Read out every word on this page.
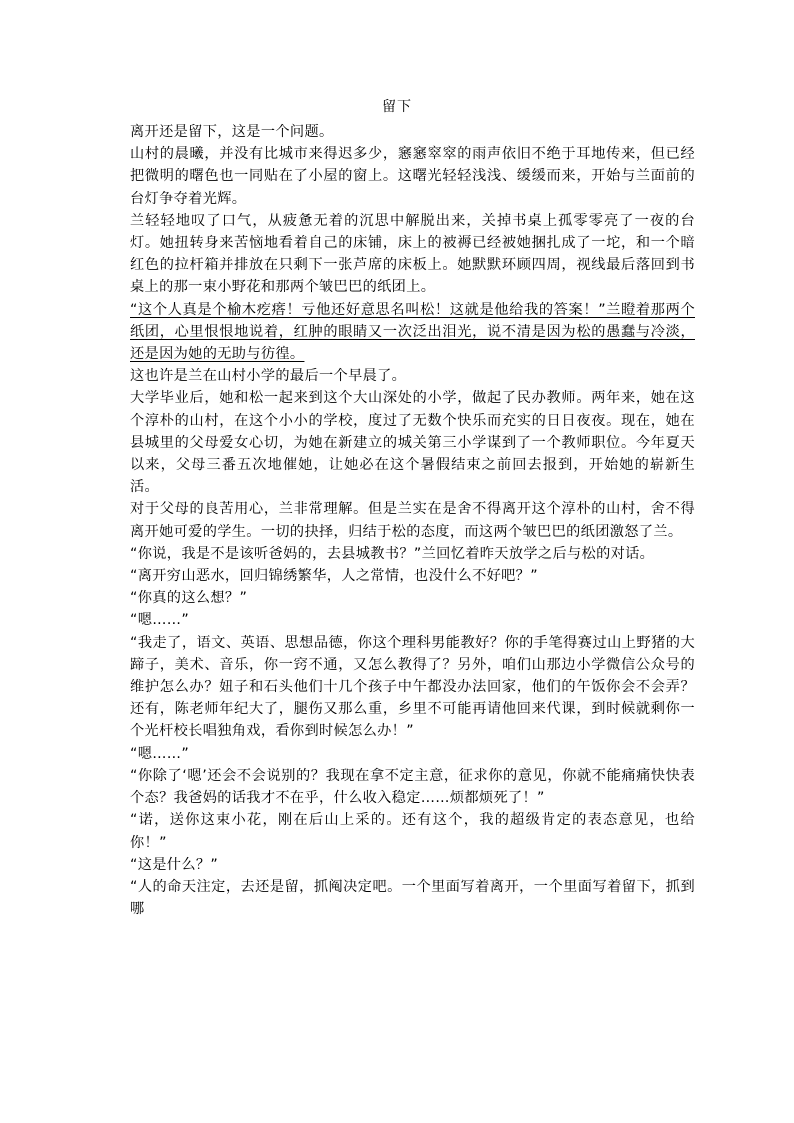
留下

离开还是留下，这是一个问题。

山村的晨曦，并没有比城市来得迟多少，窸窸窣窣的雨声依旧不绝于耳地传来，但已经把微明的曙色也一同贴在了小屋的窗上。这曙光轻轻浅浅、缓缓而来，开始与兰面前的台灯争夺着光辉。

兰轻轻地叹了口气，从疲惫无着的沉思中解脱出来，关掉书桌上孤零零亮了一夜的台灯。她扭转身来苦恼地看着自己的床铺，床上的被褥已经被她捆扎成了一坨，和一个暗红色的拉杆箱并排放在只剩下一张芦席的床板上。她默默环顾四周，视线最后落回到书桌上的那一束小野花和那两个皱巴巴的纸团上。

“这个人真是个榆木疙瘩！亏他还好意思名叫松！这就是他给我的答案！”兰瞪着那两个纸团，心里恨恨地说着，红肿的眼睛又一次泛出泪光，说不清是因为松的愚蠢与冷淡，还是因为她的无助与彷徨。

这也许是兰在山村小学的最后一个早晨了。

大学毕业后，她和松一起来到这个大山深处的小学，做起了民办教师。两年来，她在这个淳朴的山村，在这个小小的学校，度过了无数个快乐而充实的日日夜夜。现在，她在县城里的父母爱女心切，为她在新建立的城关第三小学谋到了一个教师职位。今年夏天以来，父母三番五次地催她，让她必在这个暑假结束之前回去报到，开始她的崭新生活。

对于父母的良苦用心，兰非常理解。但是兰实在是舍不得离开这个淳朴的山村，舍不得离开她可爱的学生。一切的抉择，归结于松的态度，而这两个皱巴巴的纸团激怒了兰。

“你说，我是不是该听爸妈的，去县城教书？”兰回忆着昨天放学之后与松的对话。

“离开穷山恶水，回归锦绣繁华，人之常情，也没什么不好吧？”

“你真的这么想？”

“嗯……”

“我走了，语文、英语、思想品德，你这个理科男能教好？你的手笔得赛过山上野猪的大蹄子，美术、音乐，你一窍不通，又怎么教得了？另外，咱们山那边小学微信公众号的维护怎么办？妞子和石头他们十几个孩子中午都没办法回家，他们的午饭你会不会弄？还有，陈老师年纪大了，腿伤又那么重，乡里不可能再请他回来代课，到时候就剩你一个光杆校长唱独角戏，看你到时候怎么办！”

“嗯……”

“你除了‘嗯’还会不会说别的？我现在拿不定主意，征求你的意见，你就不能痛痛快快表个态？我爸妈的话我才不在乎，什么收入稳定……烦都烦死了！”

“诺，送你这束小花，刚在后山上采的。还有这个，我的超级肯定的表态意见，也给你！”

“这是什么？”

“人的命天注定，去还是留，抓阄决定吧。一个里面写着离开，一个里面写着留下，抓到哪
